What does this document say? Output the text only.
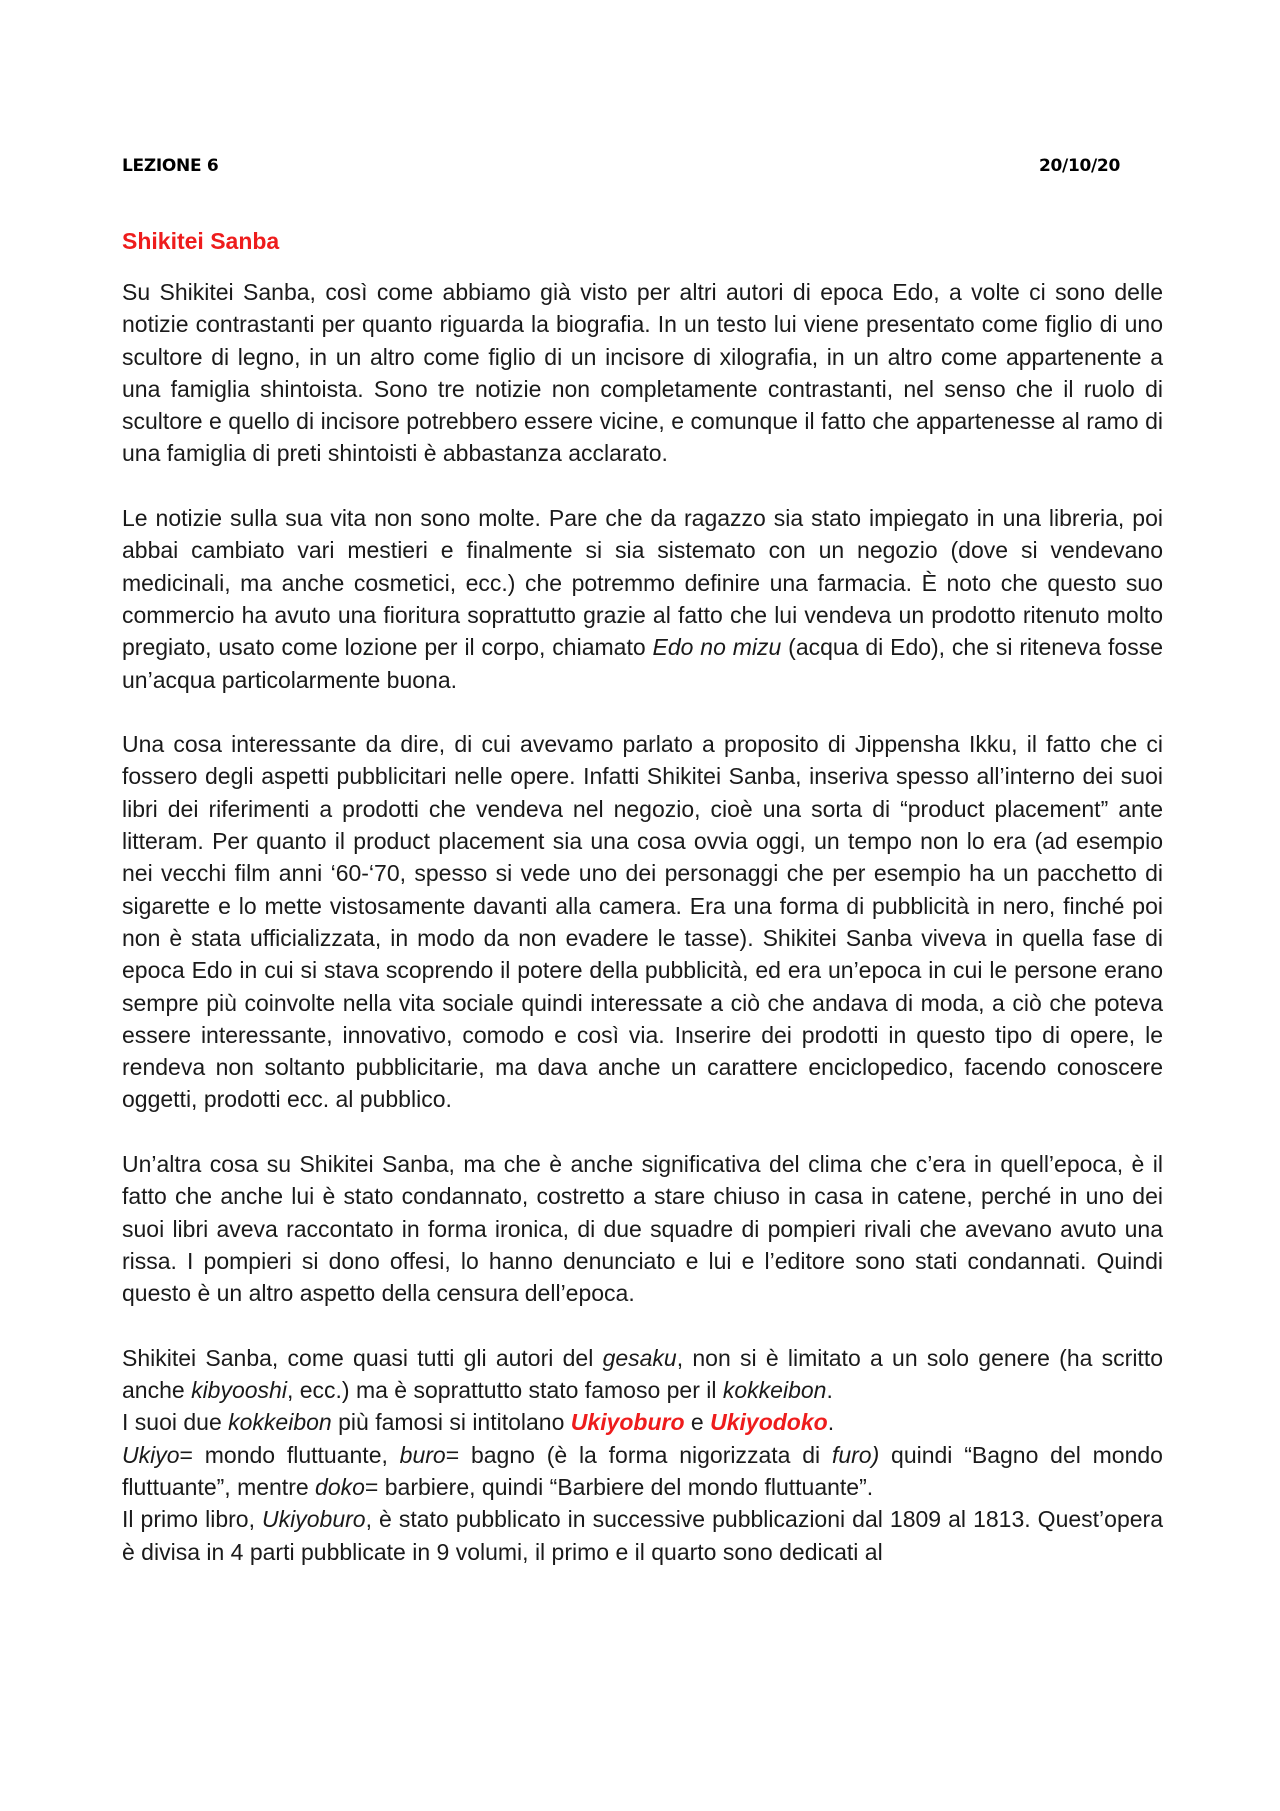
LEZIONE 6	20/10/20
Shikitei Sanba

Su Shikitei Sanba, così come abbiamo già visto per altri autori di epoca Edo, a volte ci sono delle notizie contrastanti per quanto riguarda la biografia. In un testo lui viene presentato come figlio di uno scultore di legno, in un altro come figlio di un incisore di xilografia, in un altro come appartenente a una famiglia shintoista. Sono tre notizie non completamente contrastanti, nel senso che il ruolo di scultore e quello di incisore potrebbero essere vicine, e comunque il fatto che appartenesse al ramo di una famiglia di preti shintoisti è abbastanza acclarato.

Le notizie sulla sua vita non sono molte. Pare che da ragazzo sia stato impiegato in una libreria, poi abbai cambiato vari mestieri e finalmente si sia sistemato con un negozio (dove si vendevano medicinali, ma anche cosmetici, ecc.) che potremmo definire una farmacia. È noto che questo suo commercio ha avuto una fioritura soprattutto grazie al fatto che lui vendeva un prodotto ritenuto molto pregiato, usato come lozione per il corpo, chiamato Edo no mizu (acqua di Edo), che si riteneva fosse un’acqua particolarmente buona.

Una cosa interessante da dire, di cui avevamo parlato a proposito di Jippensha Ikku, il fatto che ci fossero degli aspetti pubblicitari nelle opere. Infatti Shikitei Sanba, inseriva spesso all’interno dei suoi libri dei riferimenti a prodotti che vendeva nel negozio, cioè una sorta di “product placement” ante litteram. Per quanto il product placement sia una cosa ovvia oggi, un tempo non lo era (ad esempio nei vecchi film anni ‘60-‘70, spesso si vede uno dei personaggi che per esempio ha un pacchetto di sigarette e lo mette vistosamente davanti alla camera. Era una forma di pubblicità in nero, finché poi non è stata ufficializzata, in modo da non evadere le tasse). Shikitei Sanba viveva in quella fase di epoca Edo in cui si stava scoprendo il potere della pubblicità, ed era un’epoca in cui le persone erano sempre più coinvolte nella vita sociale quindi interessate a ciò che andava di moda, a ciò che poteva essere interessante, innovativo, comodo e così via. Inserire dei prodotti in questo tipo di opere, le rendeva non soltanto pubblicitarie, ma dava anche un carattere enciclopedico, facendo conoscere oggetti, prodotti ecc. al pubblico.

Un’altra cosa su Shikitei Sanba, ma che è anche significativa del clima che c’era in quell’epoca, è il fatto che anche lui è stato condannato, costretto a stare chiuso in casa in catene, perché in uno dei suoi libri aveva raccontato in forma ironica, di due squadre di pompieri rivali che avevano avuto una rissa. I pompieri si dono offesi, lo hanno denunciato e lui e l’editore sono stati condannati. Quindi questo è un altro aspetto della censura dell’epoca.

Shikitei Sanba, come quasi tutti gli autori del gesaku, non si è limitato a un solo genere (ha scritto anche kibyooshi, ecc.) ma è soprattutto stato famoso per il kokkeibon.

I suoi due kokkeibon più famosi si intitolano Ukiyoburo e Ukiyodoko.

Ukiyo= mondo fluttuante, buro= bagno (è la forma nigorizzata di furo) quindi “Bagno del mondo fluttuante”, mentre doko= barbiere, quindi “Barbiere del mondo fluttuante”.

Il primo libro, Ukiyoburo, è stato pubblicato in successive pubblicazioni dal 1809 al 1813. Quest’opera è divisa in 4 parti pubblicate in 9 volumi, il primo e il quarto sono dedicati al
